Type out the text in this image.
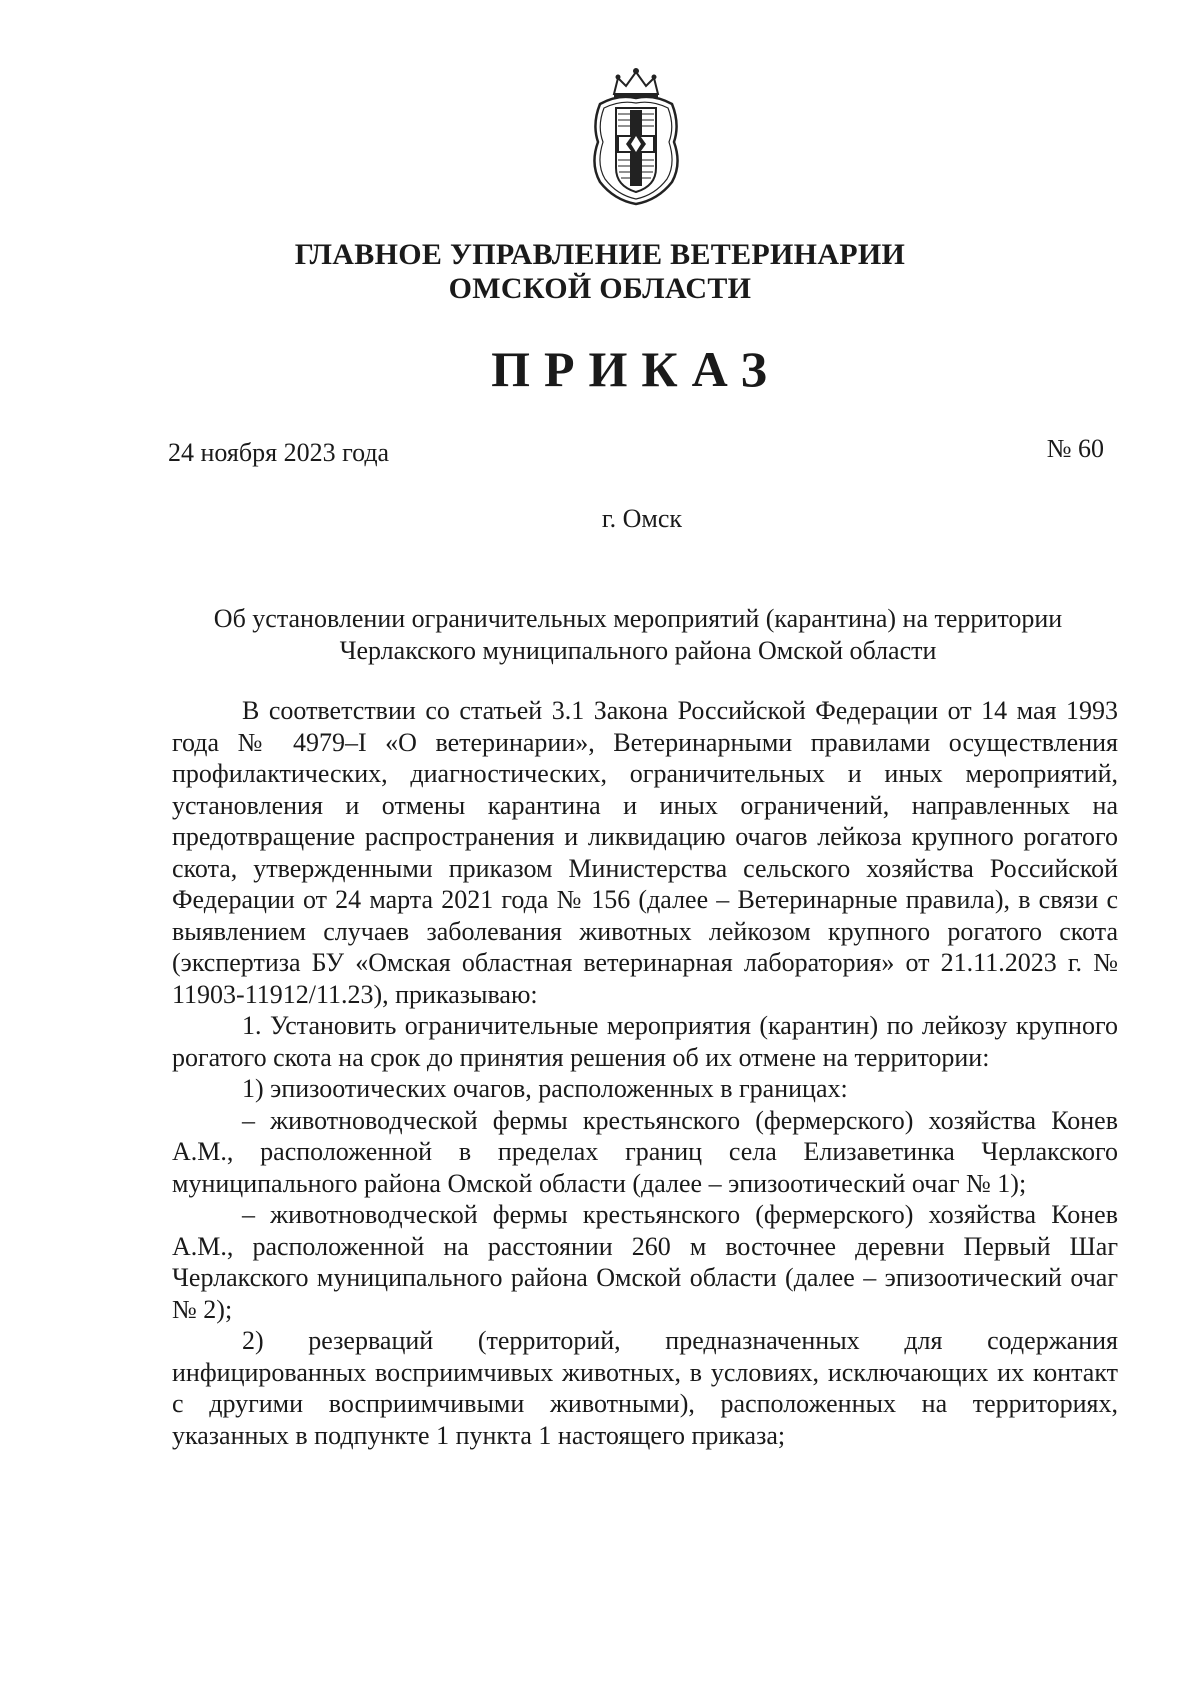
ГЛАВНОЕ УПРАВЛЕНИЕ ВЕТЕРИНАРИИ
ОМСКОЙ ОБЛАСТИ
ПРИКАЗ
24 ноября 2023 года	№ 60
г. Омск
Об установлении ограничительных мероприятий (карантина) на территории
Черлакского муниципального района Омской области

В соответствии со статьей 3.1 Закона Российской Федерации от 14 мая 1993 года № 4979–I «О ветеринарии», Ветеринарными правилами осуществления профилактических, диагностических, ограничительных и иных мероприятий, установления и отмены карантина и иных ограничений, направленных на предотвращение распространения и ликвидацию очагов лейкоза крупного рогатого скота, утвержденными приказом Министерства сельского хозяйства Российской Федерации от 24 марта 2021 года № 156 (далее – Ветеринарные правила), в связи с выявлением случаев заболевания животных лейкозом крупного рогатого скота (экспертиза БУ «Омская областная ветеринарная лаборатория» от 21.11.2023 г. № 11903-11912/11.23), приказываю:

1. Установить ограничительные мероприятия (карантин) по лейкозу крупного рогатого скота на срок до принятия решения об их отмене на территории:

1) эпизоотических очагов, расположенных в границах:

– животноводческой фермы крестьянского (фермерского) хозяйства Конев А.М., расположенной в пределах границ села Елизаветинка Черлакского муниципального района Омской области (далее – эпизоотический очаг № 1);

– животноводческой фермы крестьянского (фермерского) хозяйства Конев А.М., расположенной на расстоянии 260 м восточнее деревни Первый Шаг Черлакского муниципального района Омской области (далее – эпизоотический очаг № 2);

2) резерваций (территорий, предназначенных для содержания инфицированных восприимчивых животных, в условиях, исключающих их контакт с другими восприимчивыми животными), расположенных на территориях, указанных в подпункте 1 пункта 1 настоящего приказа;
